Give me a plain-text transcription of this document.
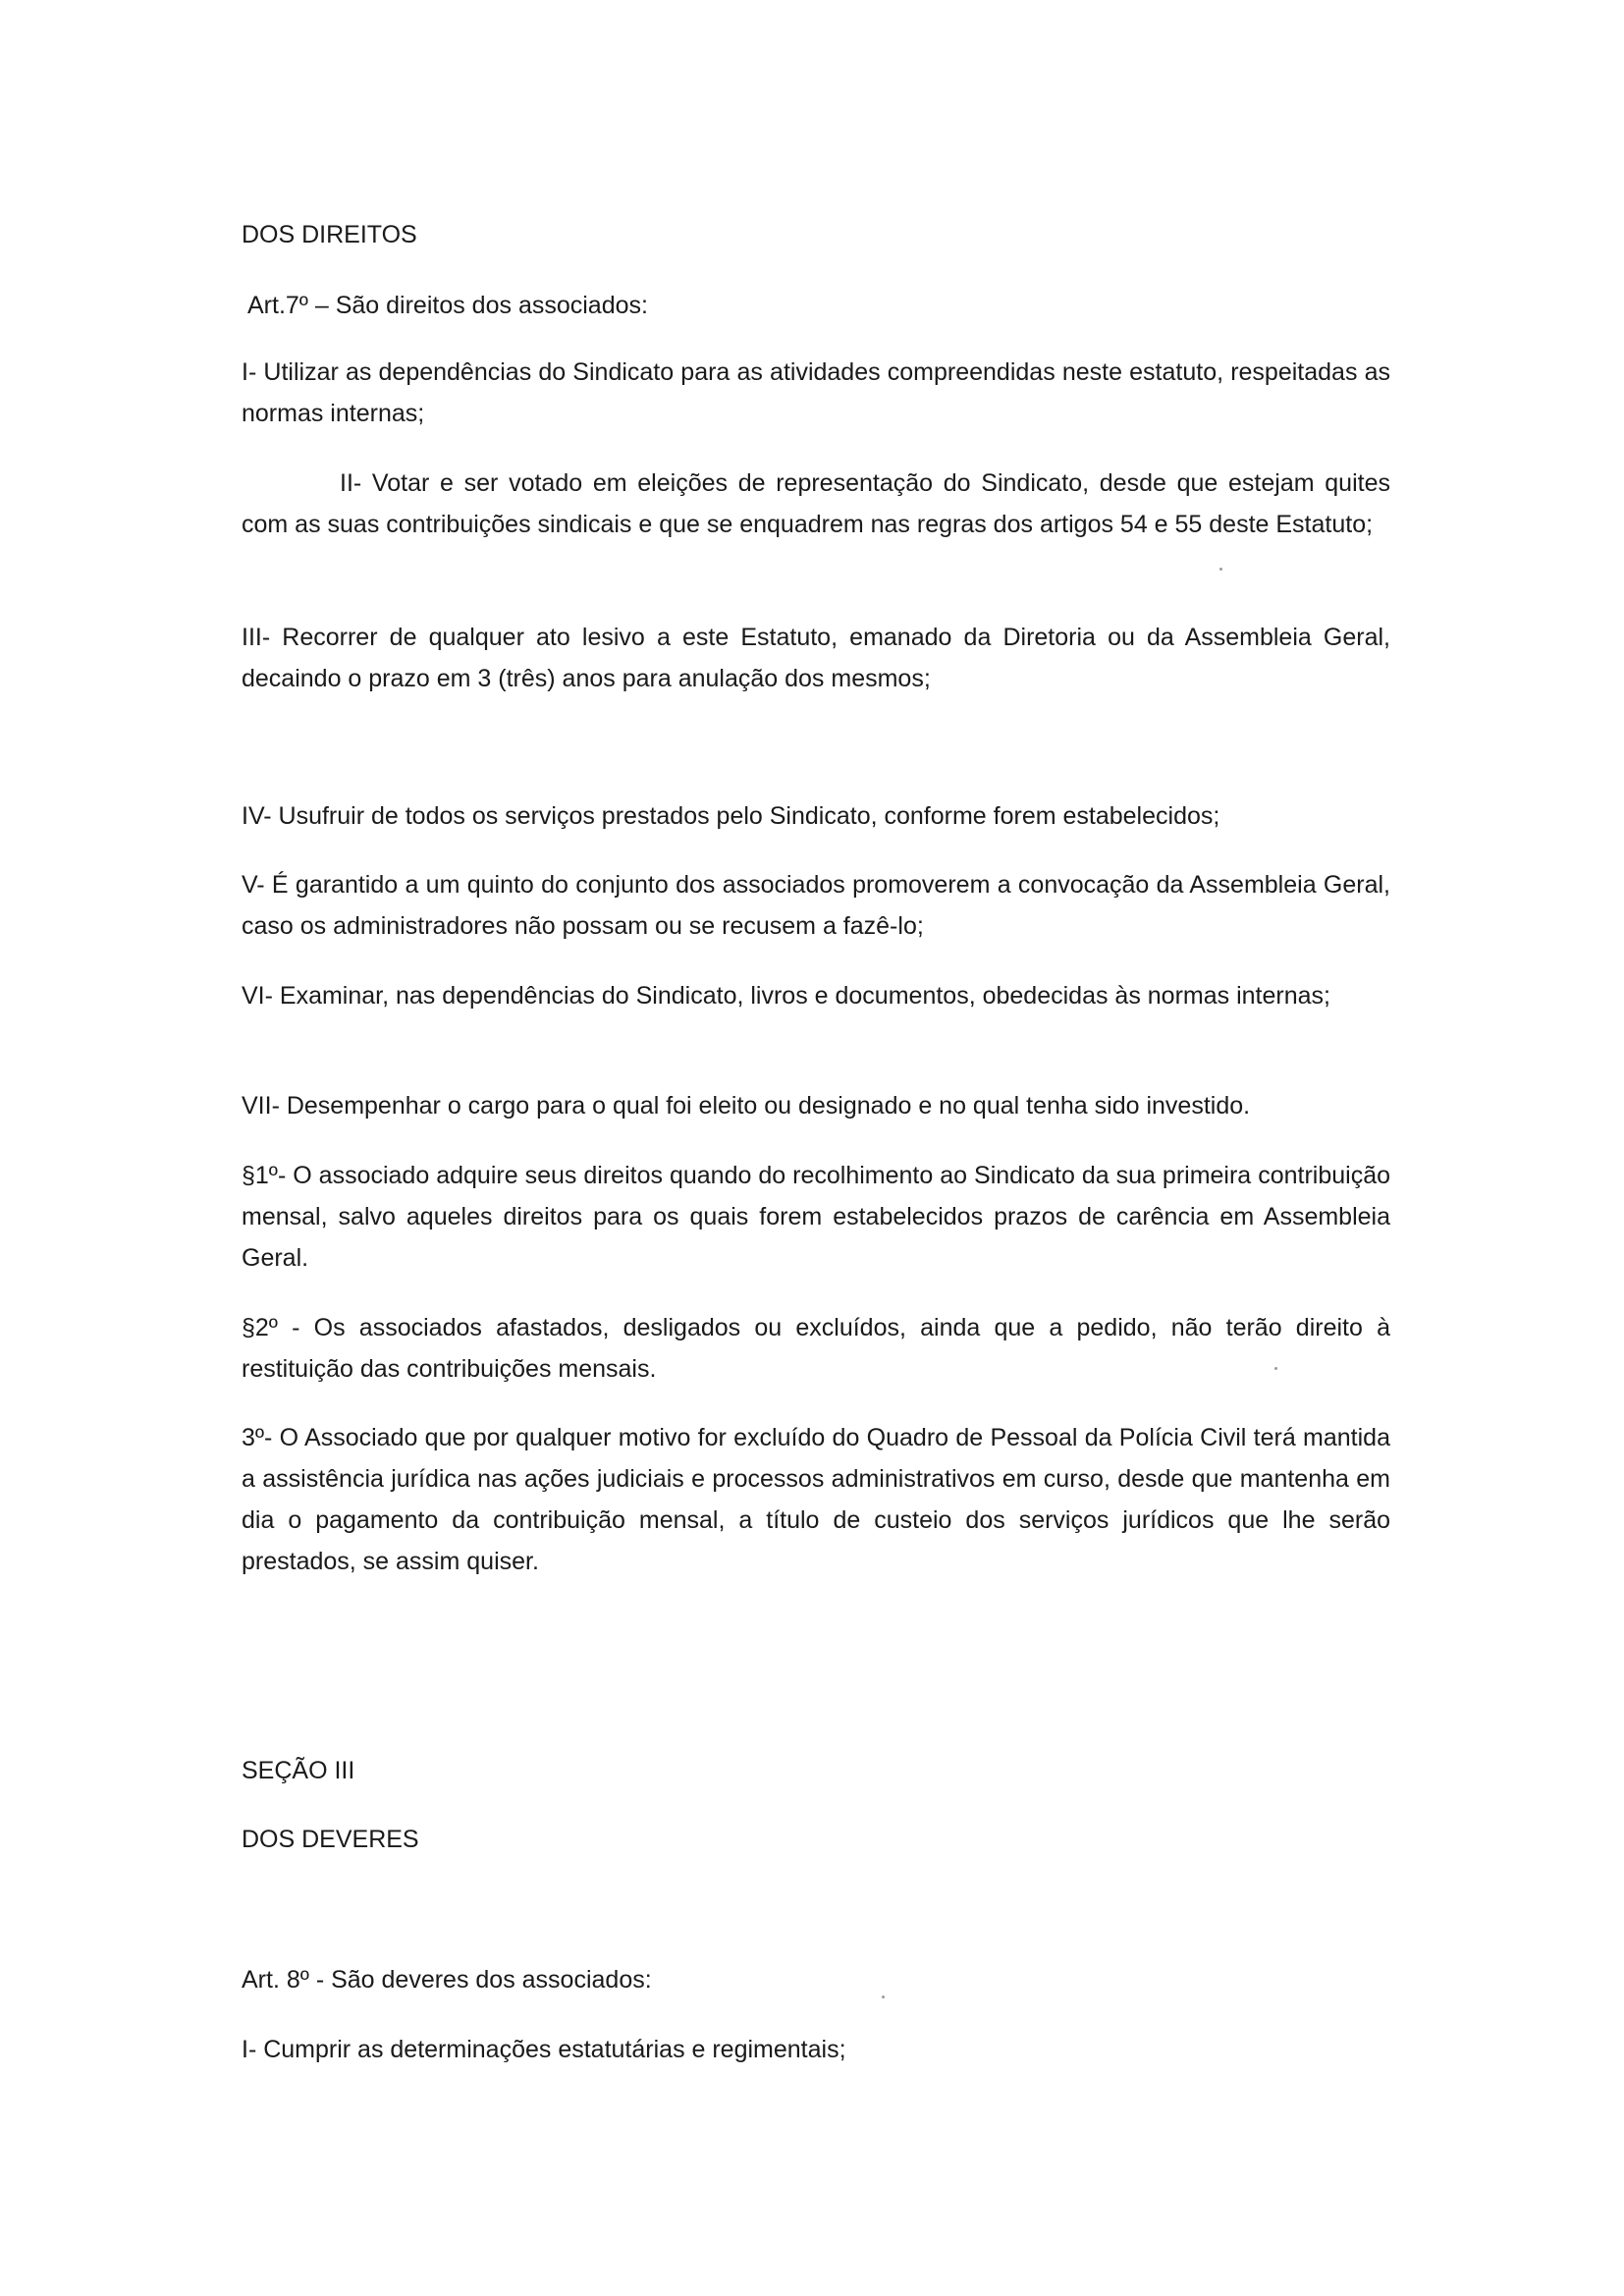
DOS DIREITOS

Art.7º – São direitos dos associados:

I- Utilizar as dependências do Sindicato para as atividades compreendidas neste estatuto, respeitadas as normas internas;

II- Votar e ser votado em eleições de representação do Sindicato, desde que estejam quites com as suas contribuições sindicais e que se enquadrem nas regras dos artigos 54 e 55 deste Estatuto;

III- Recorrer de qualquer ato lesivo a este Estatuto, emanado da Diretoria ou da Assembleia Geral, decaindo o prazo em 3 (três) anos para anulação dos mesmos;

IV- Usufruir de todos os serviços prestados pelo Sindicato, conforme forem estabelecidos;

V- É garantido a um quinto do conjunto dos associados promoverem a convocação da Assembleia Geral, caso os administradores não possam ou se recusem a fazê-lo;

VI- Examinar, nas dependências do Sindicato, livros e documentos, obedecidas às normas internas;

VII- Desempenhar o cargo para o qual foi eleito ou designado e no qual tenha sido investido.

§1º- O associado adquire seus direitos quando do recolhimento ao Sindicato da sua primeira contribuição mensal, salvo aqueles direitos para os quais forem estabelecidos prazos de carência em Assembleia Geral.

§2º - Os associados afastados, desligados ou excluídos, ainda que a pedido, não terão direito à restituição das contribuições mensais.

3º- O Associado que por qualquer motivo for excluído do Quadro de Pessoal da Polícia Civil terá mantida a assistência jurídica nas ações judiciais e processos administrativos em curso, desde que mantenha em dia o pagamento da contribuição mensal, a título de custeio dos serviços jurídicos que lhe serão prestados, se assim quiser.

SEÇÃO III

DOS DEVERES

Art. 8º - São deveres dos associados:

I- Cumprir as determinações estatutárias e regimentais;
